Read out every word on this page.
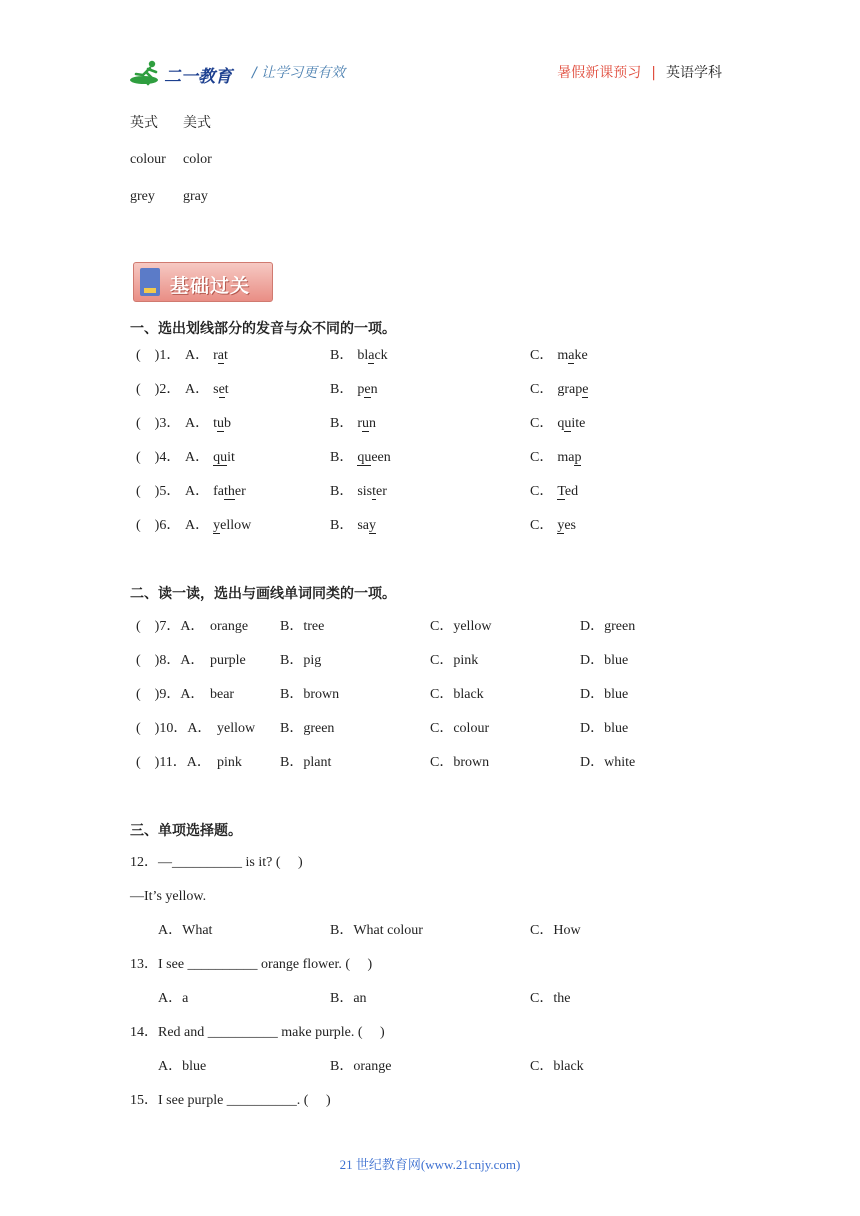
二一教育 / 让学习更有效	暑假新课预习 | 英语学科
英式 美式
colour color
grey gray
基础过关
一、选出划线部分的发音与众不同的一项。
(　)1． A． rat	B． black	C． make
(　)2． A． set	B． pen	C． grape
(　)3． A． tub	B． run	C． quite
(　)4． A． quit	B． queen	C． map
(　)5． A． father	B． sister	C． Ted
(　)6． A． yellow	B． say	C． yes
二、读一读，选出与画线单词同类的一项。
(　)7．A． orange B．tree	C．yellow	D．green
(　)8．A． purple B．pig	C．pink	D．blue
(　)9．A． bear	B．brown	C．black	D．blue
(　)10．A． yellow B．green	C．colour	D．blue
(　)11．A． pink	B．plant	C．brown	D．white
三、单项选择题。
12．—__________ is it? (　 )
—It’s yellow.
A．What	B．What colour	C．How
13．I see __________ orange flower. (　 )
A．a	B．an	C．the
14．Red and __________ make purple. (　 )
A．blue	B．orange	C．black
15．I see purple __________. (　 )
21 世纪教育网(www.21cnjy.com)
